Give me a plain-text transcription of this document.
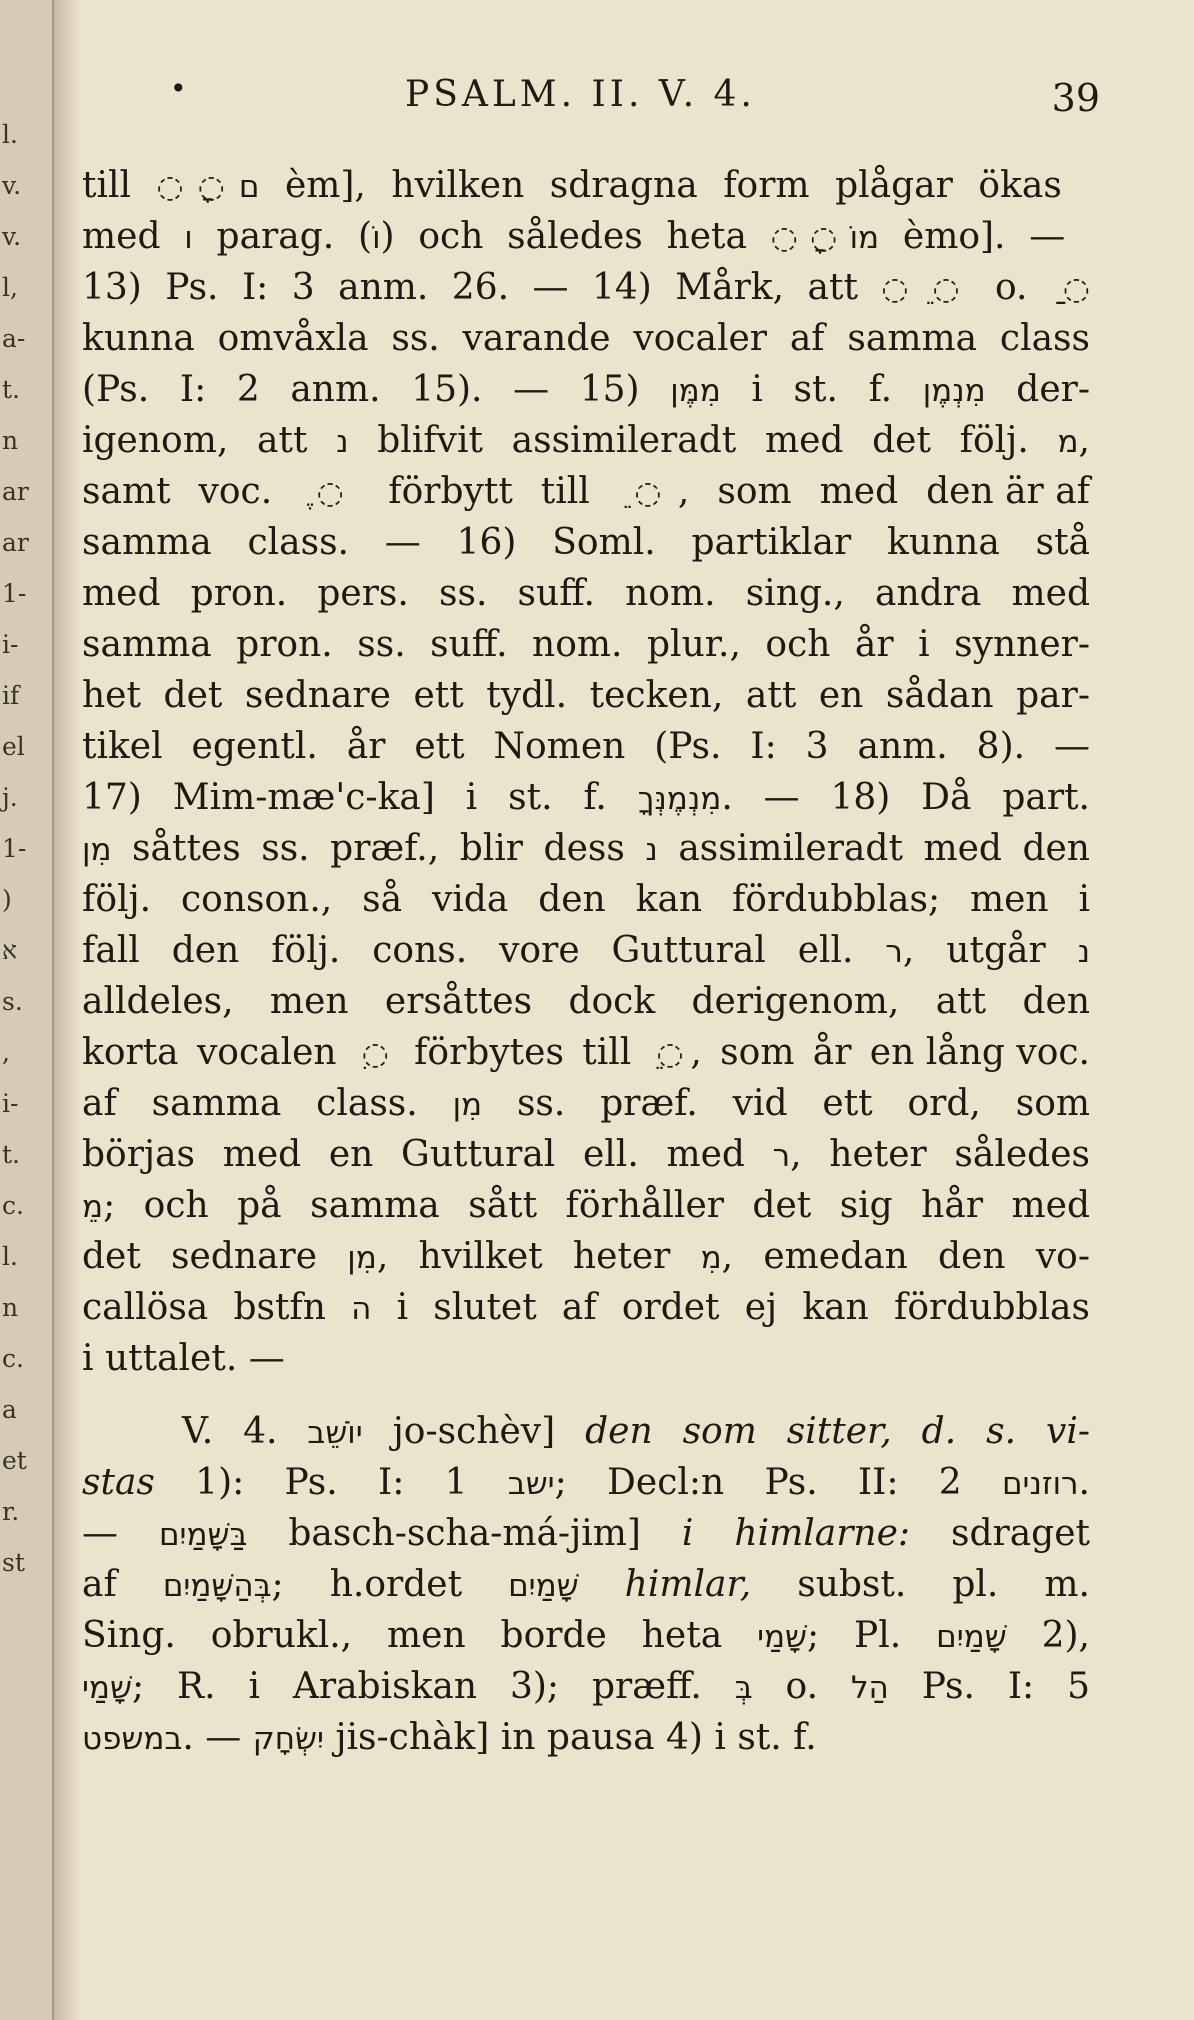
l.
v.
v.
l,
a-
t.
n
ar
ar
1-
i-
if
el
j.
1-
)
א
s.
,
i-
t.
c.
l.
n
c.
a
et
r.
st
•	PSALM. II. V. 4.	39
till ם◌ָ◌ èm], hvilken sdragna form plågar ökas
med ו parag. (וֹ) och således heta מוֹ◌ָ◌ èmo]. —
13) Ps. I: 3 anm. 26. — 14) Mårk, att ◌ֵ◌ o. ◌ַ
kunna omvåxla ss. varande vocaler af samma class
(Ps. I: 2 anm. 15). — 15) מִמֶּן i st. f. מִנְמֶן der-
igenom, att נ blifvit assimileradt med det följ. מ,
samt voc. ◌ֶ förbytt till ◌ֵ, som med den är af
samma class. — 16) Soml. partiklar kunna stå
med pron. pers. ss. suff. nom. sing., andra med
samma pron. ss. suff. nom. plur., och år i synner-
het det sednare ett tydl. tecken, att en sådan par-
tikel egentl. år ett Nomen (Ps. I: 3 anm. 8). —
17) Mim-mæ'c-ka] i st. f. מִנְמֶנְּךָ. — 18) Då part.
מִן såttes ss. præf., blir dess נ assimileradt med den
följ. conson., så vida den kan fördubblas; men i
fall den följ. cons. vore Guttural ell. ר, utgår נ
alldeles, men ersåttes dock derigenom, att den
korta vocalen ◌ִ förbytes till ◌ֵ, som år en lång voc.
af samma class. מִן ss. præf. vid ett ord, som
börjas med en Guttural ell. med ר, heter således
מֵ; och på samma sått förhåller det sig hår med
det sednare מִן, hvilket heter מִ, emedan den vo-
callösa bstfn ה i slutet af ordet ej kan fördubblas
i uttalet. —
V. 4. יוֹשֵׁב jo-schèv] den som sitter, d. s. vi-
stas 1): Ps. I: 1 ישב; Decl:n Ps. II: 2 רוזנים.
— בַּשָּׁמַיִם basch-scha-má-jim] i himlarne: sdraget
af בְּהַשָּׁמַיִם; h.ordet שָׁמַיִם himlar, subst. pl. m.
Sing. obrukl., men borde heta שָׁמַי; Pl. שָׁמַיִם 2),
שָׁמַי; R. i Arabiskan 3); præff. בְּ o. הַל Ps. I: 5
במשפט. — יִשְׂחָק jis-chàk] in pausa 4) i st. f.
